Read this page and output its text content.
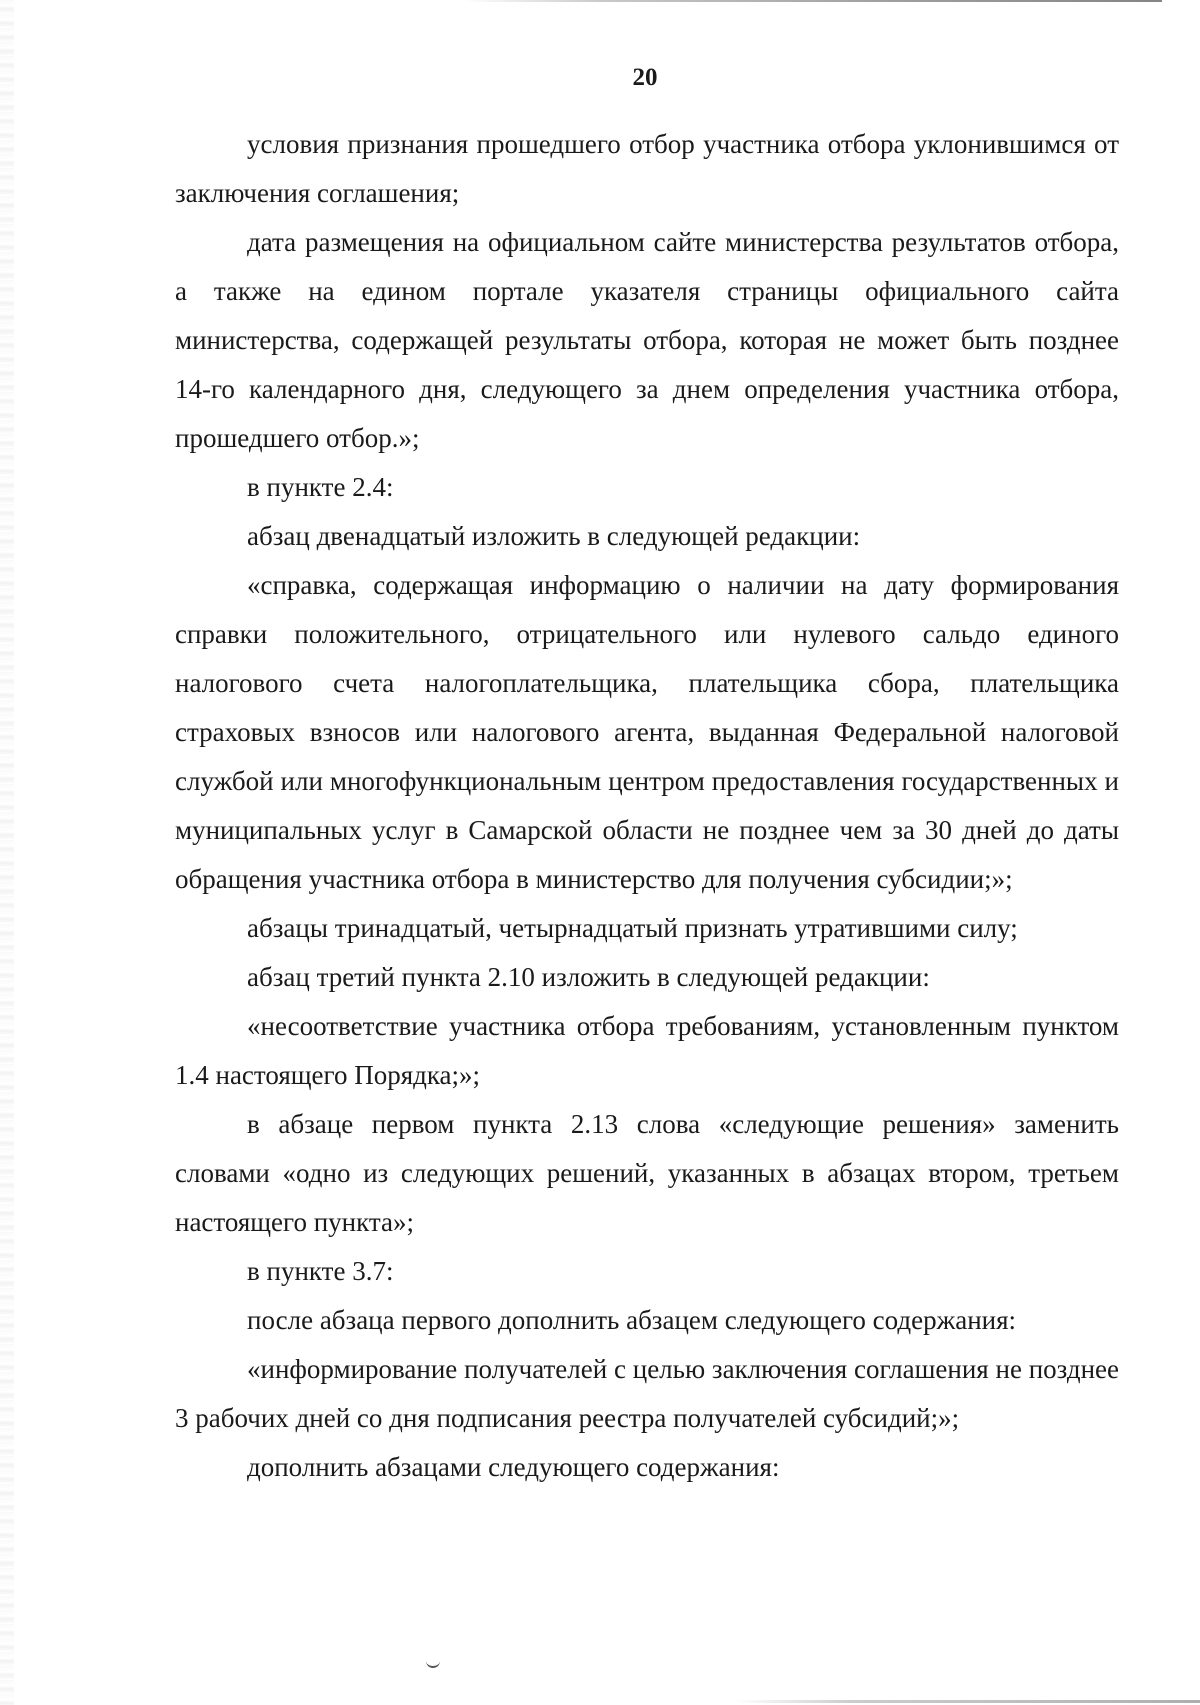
20

условия признания прошедшего отбор участника отбора уклонившимся от заключения соглашения;

дата размещения на официальном сайте министерства результатов отбора, а также на едином портале указателя страницы официального сайта министерства, содержащей результаты отбора, которая не может быть позднее 14-го календарного дня, следующего за днем определения участника отбора, прошедшего отбор.»;

в пункте 2.4:

абзац двенадцатый изложить в следующей редакции:

«справка, содержащая информацию о наличии на дату формирования справки положительного, отрицательного или нулевого сальдо единого налогового счета налогоплательщика, плательщика сбора, плательщика страховых взносов или налогового агента, выданная Федеральной налоговой службой или многофункциональным центром предоставления государственных и муниципальных услуг в Самарской области не позднее чем за 30 дней до даты обращения участника отбора в министерство для получения субсидии;»;

абзацы тринадцатый, четырнадцатый признать утратившими силу;

абзац третий пункта 2.10 изложить в следующей редакции:

«несоответствие участника отбора требованиям, установленным пунктом 1.4 настоящего Порядка;»;

в абзаце первом пункта 2.13 слова «следующие решения» заменить словами «одно из следующих решений, указанных в абзацах втором, третьем настоящего пункта»;

в пункте 3.7:

после абзаца первого дополнить абзацем следующего содержания:

«информирование получателей с целью заключения соглашения не позднее 3 рабочих дней со дня подписания реестра получателей субсидий;»;

дополнить абзацами следующего содержания:
